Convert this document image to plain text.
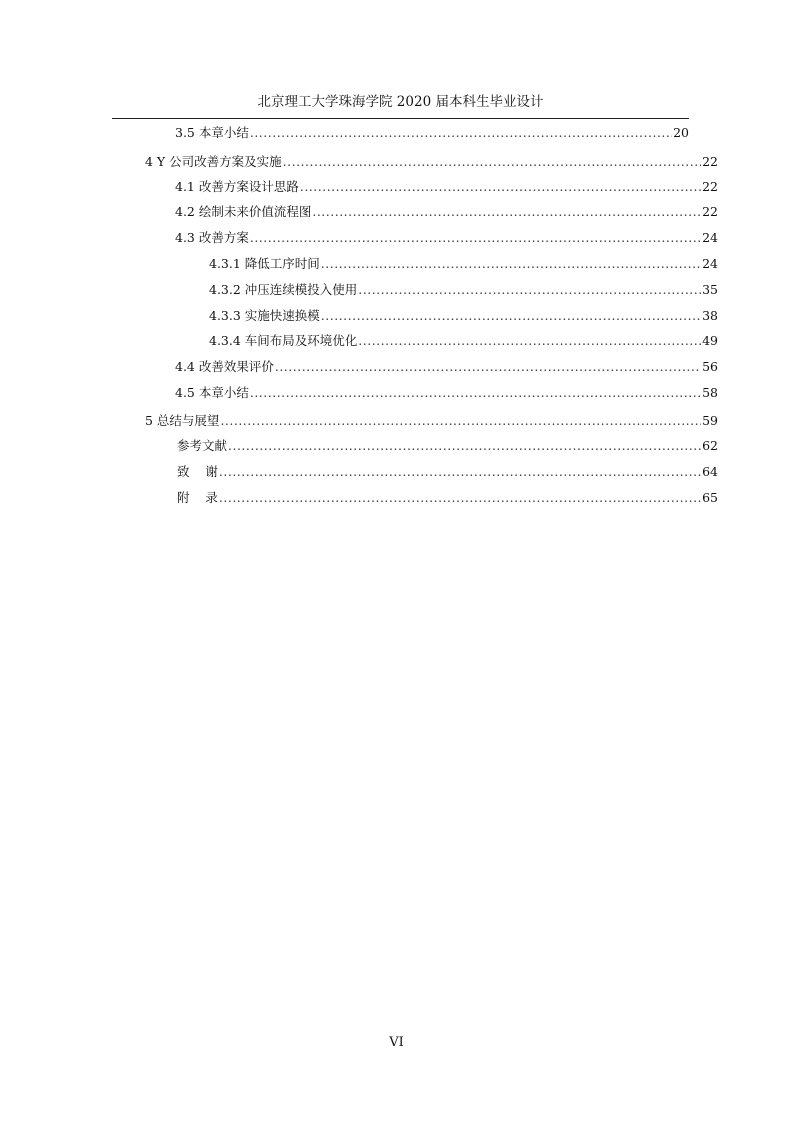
北京理工大学珠海学院 2020 届本科生毕业设计
3.5 本章小结 .....	20
4 Y 公司改善方案及实施 .....	22
4.1 改善方案设计思路 .....	22
4.2 绘制未来价值流程图 .....	22
4.3 改善方案 .....	24
4.3.1 降低工序时间 .....	24
4.3.2 冲压连续模投入使用 .....	35
4.3.3 实施快速换模 .....	38
4.3.4 车间布局及环境优化 .....	49
4.4 改善效果评价 .....	56
4.5 本章小结 .....	58
5 总结与展望 .....	59
参考文献 .....	62
致    谢 .....	64
附    录 .....	65
VI
